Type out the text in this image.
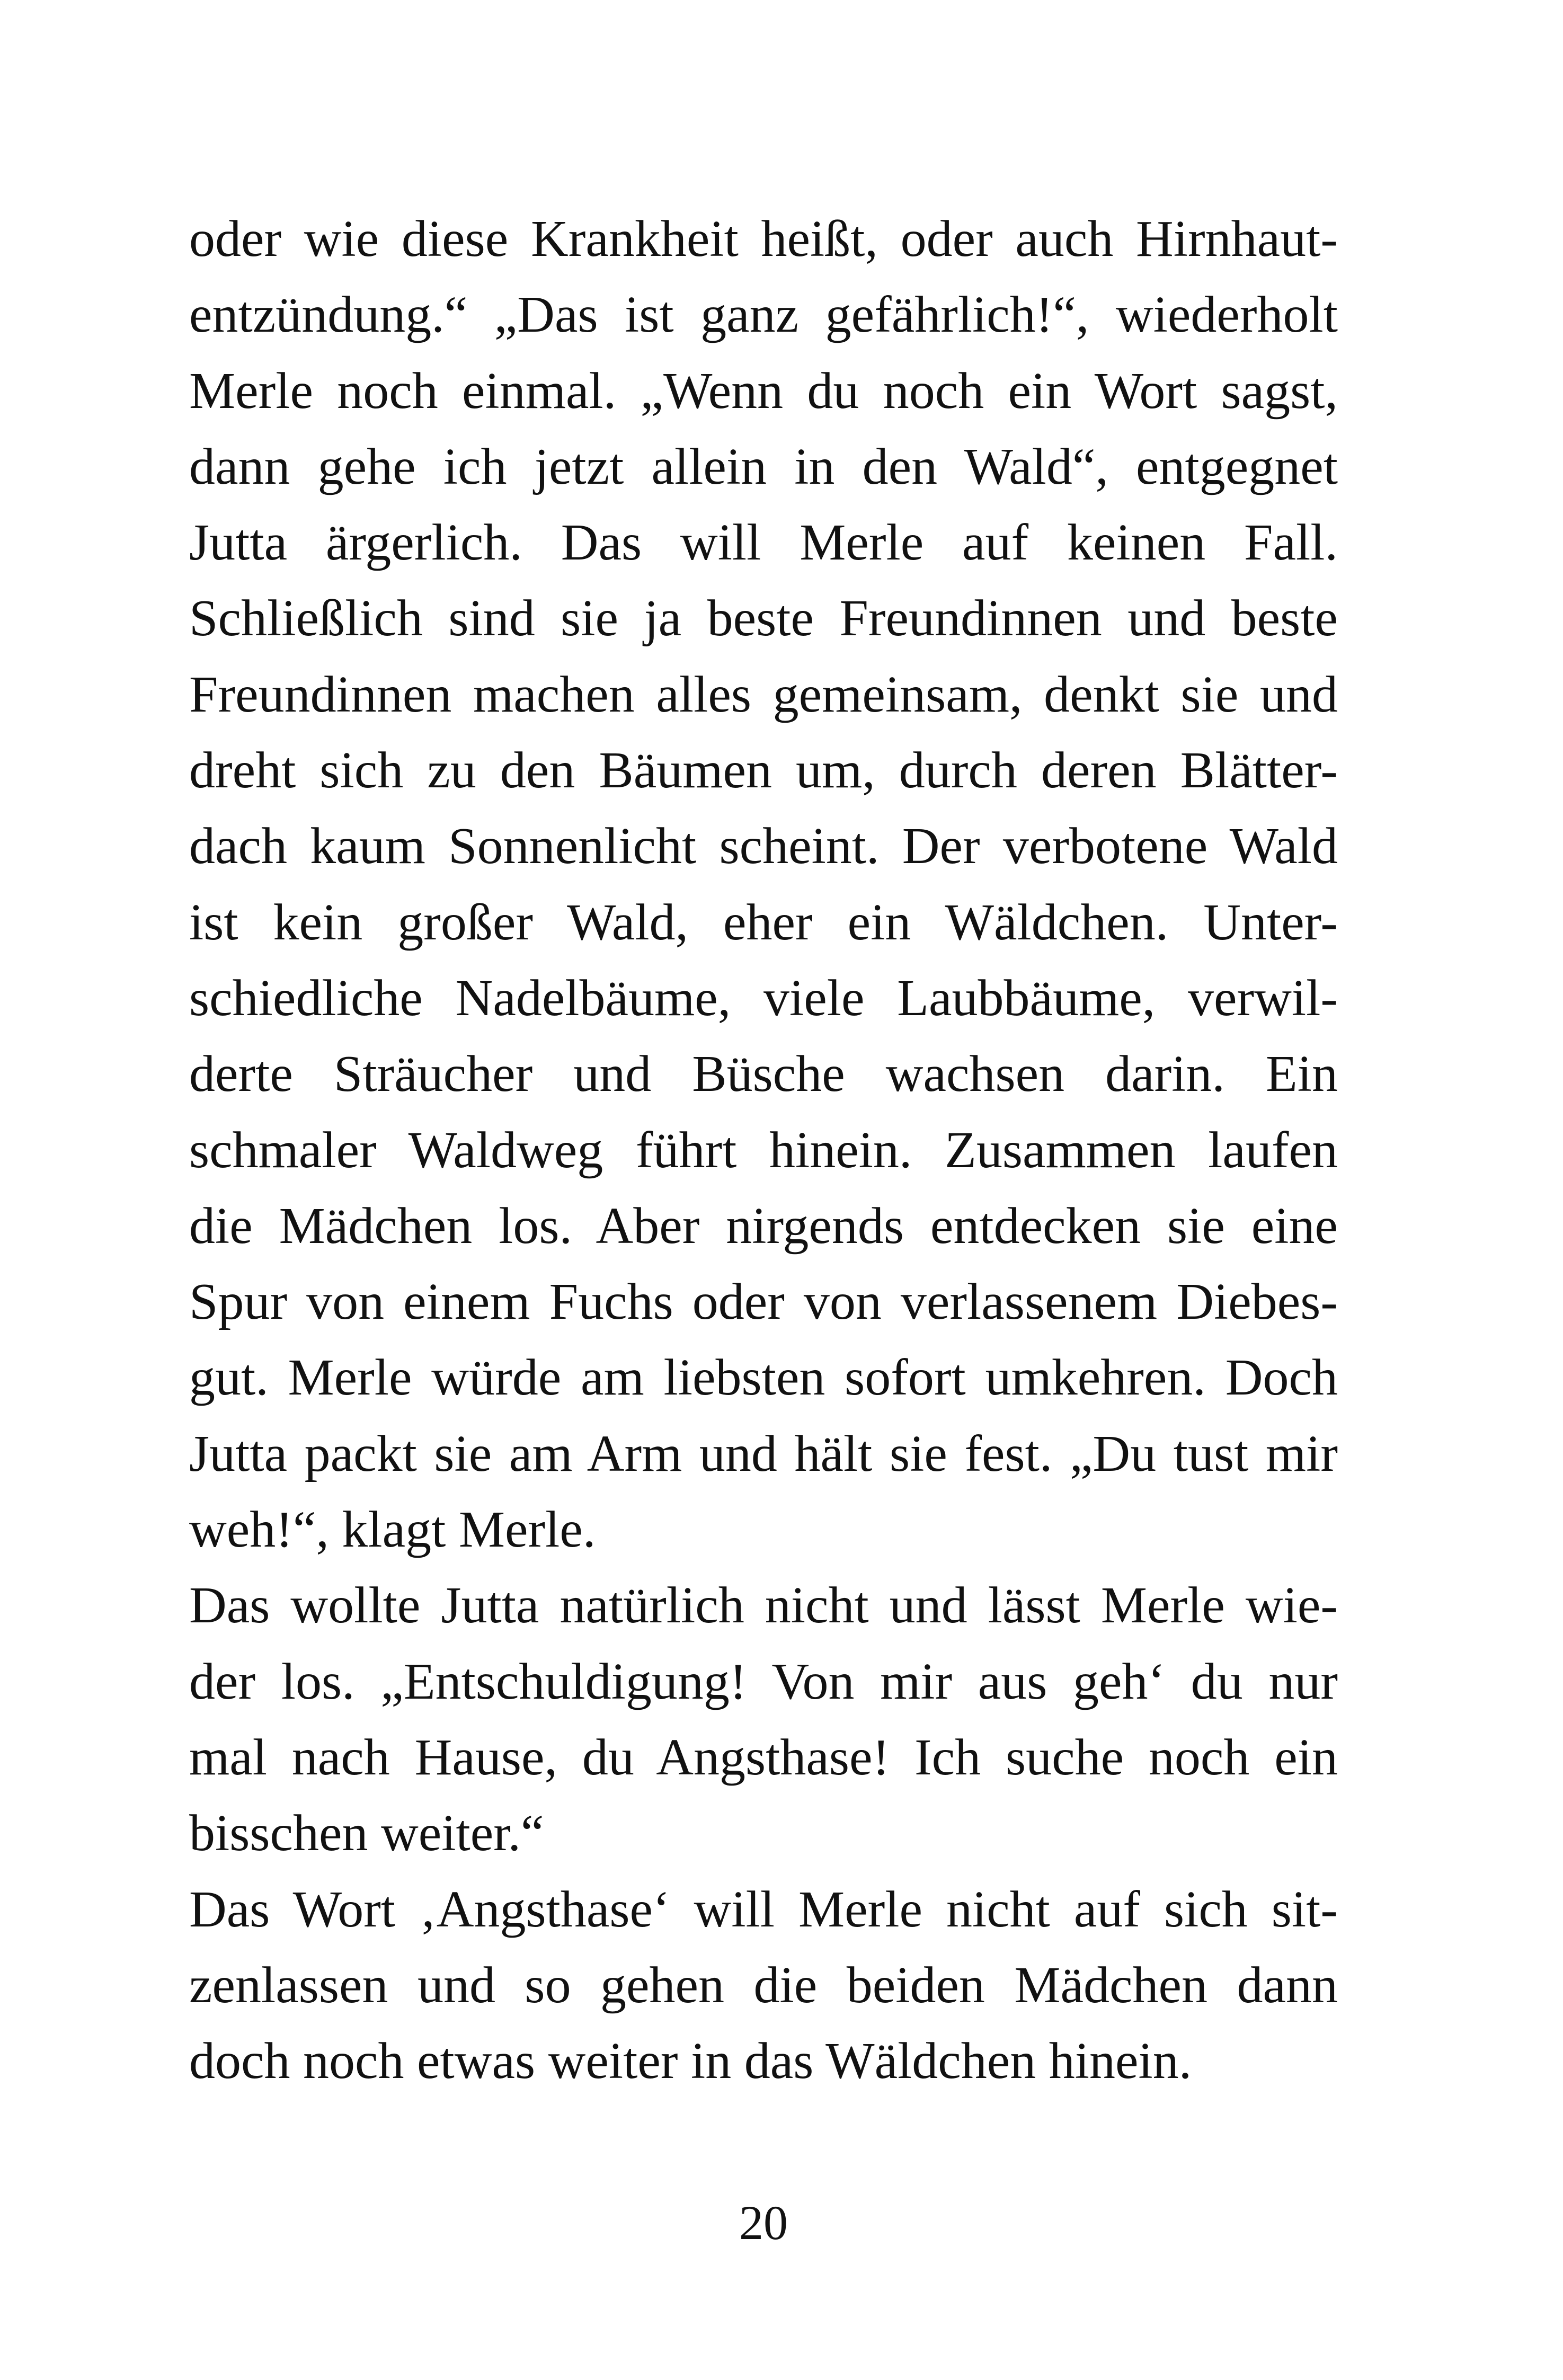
oder wie diese Krankheit heißt, oder auch Hirnhaut-
entzündung.“ „Das ist ganz gefährlich!“, wiederholt
Merle noch einmal. „Wenn du noch ein Wort sagst,
dann gehe ich jetzt allein in den Wald“, entgegnet
Jutta ärgerlich. Das will Merle auf keinen Fall.
Schließlich sind sie ja beste Freundinnen und beste
Freundinnen machen alles gemeinsam, denkt sie und
dreht sich zu den Bäumen um, durch deren Blätter-
dach kaum Sonnenlicht scheint. Der verbotene Wald
ist kein großer Wald, eher ein Wäldchen. Unter-
schiedliche Nadelbäume, viele Laubbäume, verwil-
derte Sträucher und Büsche wachsen darin. Ein
schmaler Waldweg führt hinein. Zusammen laufen
die Mädchen los. Aber nirgends entdecken sie eine
Spur von einem Fuchs oder von verlassenem Diebes-
gut. Merle würde am liebsten sofort umkehren. Doch
Jutta packt sie am Arm und hält sie fest. „Du tust mir
weh!“, klagt Merle.
Das wollte Jutta natürlich nicht und lässt Merle wie-
der los. „Entschuldigung! Von mir aus geh‘ du nur
mal nach Hause, du Angsthase! Ich suche noch ein
bisschen weiter.“
Das Wort ‚Angsthase‘ will Merle nicht auf sich sit-
zenlassen und so gehen die beiden Mädchen dann
doch noch etwas weiter in das Wäldchen hinein.
20
